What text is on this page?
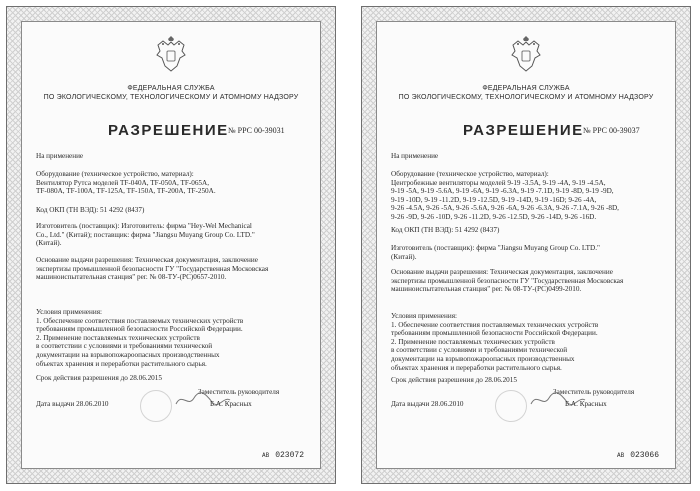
ФЕДЕРАЛЬНАЯ СЛУЖБА
ПО ЭКОЛОГИЧЕСКОМУ, ТЕХНОЛОГИЧЕСКОМУ И АТОМНОМУ НАДЗОРУ
РАЗРЕШЕНИЕ № РРС 00-39031
На применение
Оборудование (техническое устройство, материал):
Вентилятор Рутса моделей TF-040A, TF-050A, TF-065A,
TF-080A, TF-100A, TF-125A, TF-150A, TF-200A, TF-250A.
Код ОКП (ТН ВЭД): 51 4292 (8437)
Изготовитель (поставщик): Изготовитель: фирма "Hey-Wel Mechanical
Co., Ltd." (Китай); поставщик: фирма "Jiangsu Muyang Group Co. LTD."
(Китай).
Основание выдачи разрешения: Техническая документация, заключение
экспертизы промышленной безопасности ГУ "Государственная Московская
машиноиспытательная станция" рег. № 08-ТУ-(РС)0657-2010.
Условия применения:
1. Обеспечение соответствия поставляемых технических устройств
требованиям промышленной безопасности Российской Федерации.
2. Применение поставляемых технических устройств
в соответствии с условиями и требованиями технической
документации на взрывопожароопасных производственных
объектах хранения и переработки растительного сырья.
Срок действия разрешения до 28.06.2015
Заместитель руководителя
Дата выдачи 28.06.2010	Б.А. Красных
АВ 023072
ФЕДЕРАЛЬНАЯ СЛУЖБА
ПО ЭКОЛОГИЧЕСКОМУ, ТЕХНОЛОГИЧЕСКОМУ И АТОМНОМУ НАДЗОРУ
РАЗРЕШЕНИЕ № РРС 00-39037
На применение
Оборудование (техническое устройство, материал):
Центробежные вентиляторы моделей 9-19 -3.5А, 9-19 -4А, 9-19 -4.5А,
9-19 -5А, 9-19 -5.6А, 9-19 -6А, 9-19 -6.3А, 9-19 -7.1D, 9-19 -8D, 9-19 -9D,
9-19 -10D, 9-19 -11.2D, 9-19 -12.5D, 9-19 -14D, 9-19 -16D; 9-26 -4А,
9-26 -4.5А, 9-26 -5А, 9-26 -5.6А, 9-26 -6А, 9-26 -6.3А, 9-26 -7.1А, 9-26 -8D,
9-26 -9D, 9-26 -10D, 9-26 -11.2D, 9-26 -12.5D, 9-26 -14D, 9-26 -16D.
Код ОКП (ТН ВЭД): 51 4292 (8437)
Изготовитель (поставщик): фирма "Jiangsu Muyang Group Co. LTD."
(Китай).
Основание выдачи разрешения: Техническая документация, заключение
экспертизы промышленной безопасности ГУ "Государственная Московская
машиноиспытательная станция" рег. № 08-ТУ-(РС)0499-2010.
Условия применения:
1. Обеспечение соответствия поставляемых технических устройств
требованиям промышленной безопасности Российской Федерации.
2. Применение поставляемых технических устройств
в соответствии с условиями и требованиями технической
документации на взрывопожароопасных производственных
объектах хранения и переработки растительного сырья.
Срок действия разрешения до 28.06.2015
Заместитель руководителя
Дата выдачи 28.06.2010	Б.А. Красных
АВ 023066
